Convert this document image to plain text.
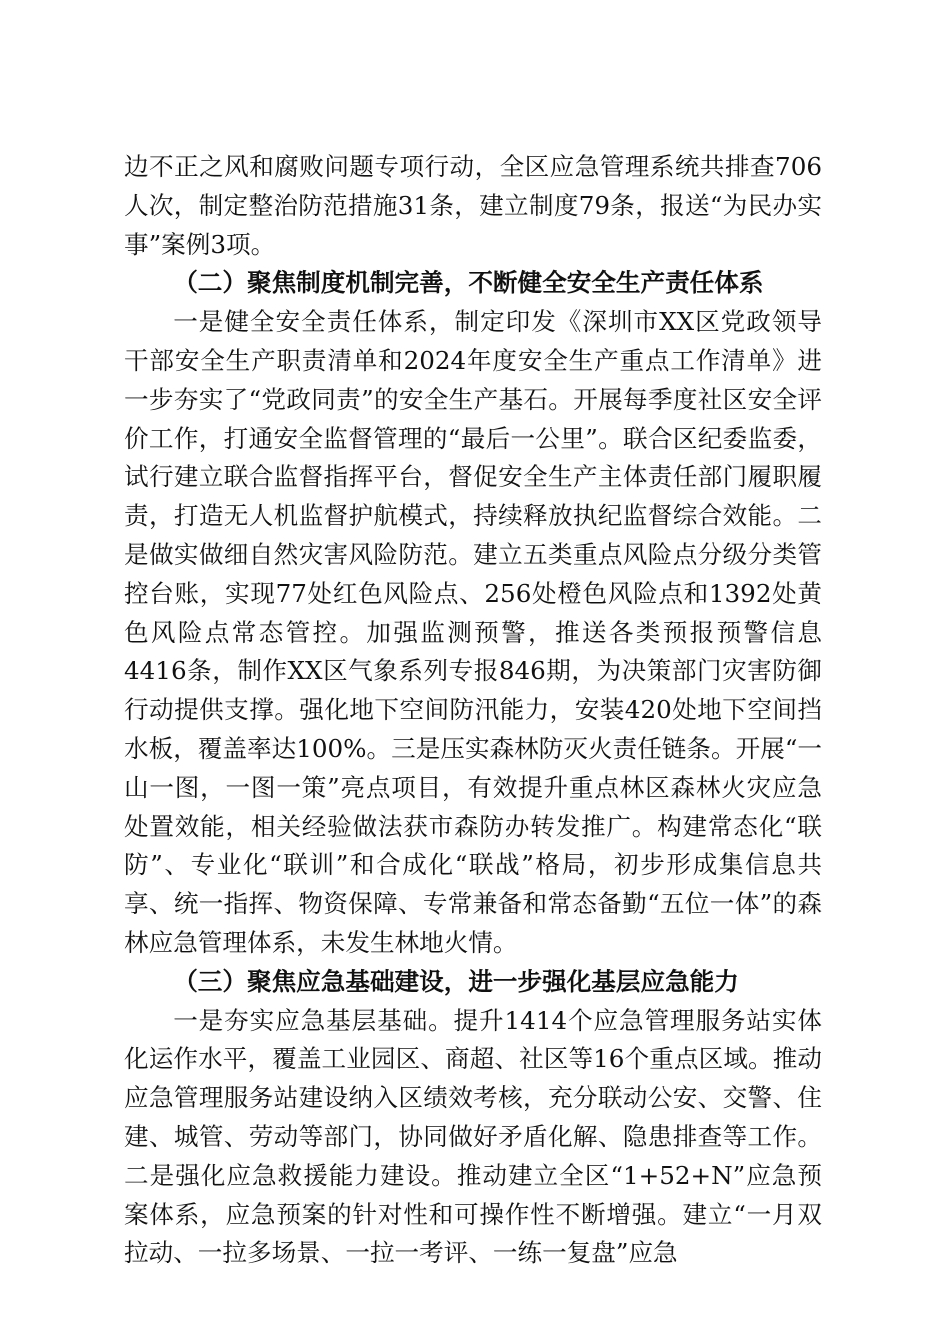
边不正之风和腐败问题专项行动，全区应急管理系统共排查706人次，制定整治防范措施31条，建立制度79条，报送“为民办实事”案例3项。

（二）聚焦制度机制完善，不断健全安全生产责任体系

一是健全安全责任体系，制定印发《深圳市XX区党政领导干部安全生产职责清单和2024年度安全生产重点工作清单》进一步夯实了“党政同责”的安全生产基石。开展每季度社区安全评价工作，打通安全监督管理的“最后一公里”。联合区纪委监委，试行建立联合监督指挥平台，督促安全生产主体责任部门履职履责，打造无人机监督护航模式，持续释放执纪监督综合效能。二是做实做细自然灾害风险防范。建立五类重点风险点分级分类管控台账，实现77处红色风险点、256处橙色风险点和1392处黄色风险点常态管控。加强监测预警，推送各类预报预警信息4416条，制作XX区气象系列专报846期，为决策部门灾害防御行动提供支撑。强化地下空间防汛能力，安装420处地下空间挡水板，覆盖率达100%。三是压实森林防灭火责任链条。开展“一山一图，一图一策”亮点项目，有效提升重点林区森林火灾应急处置效能，相关经验做法获市森防办转发推广。构建常态化“联防”、专业化“联训”和合成化“联战”格局，初步形成集信息共享、统一指挥、物资保障、专常兼备和常态备勤“五位一体”的森林应急管理体系，未发生林地火情。

（三）聚焦应急基础建设，进一步强化基层应急能力

一是夯实应急基层基础。提升1414个应急管理服务站实体化运作水平，覆盖工业园区、商超、社区等16个重点区域。推动应急管理服务站建设纳入区绩效考核，充分联动公安、交警、住建、城管、劳动等部门，协同做好矛盾化解、隐患排查等工作。二是强化应急救援能力建设。推动建立全区“1+52+N”应急预案体系，应急预案的针对性和可操作性不断增强。建立“一月双拉动、一拉多场景、一拉一考评、一练一复盘”应急
